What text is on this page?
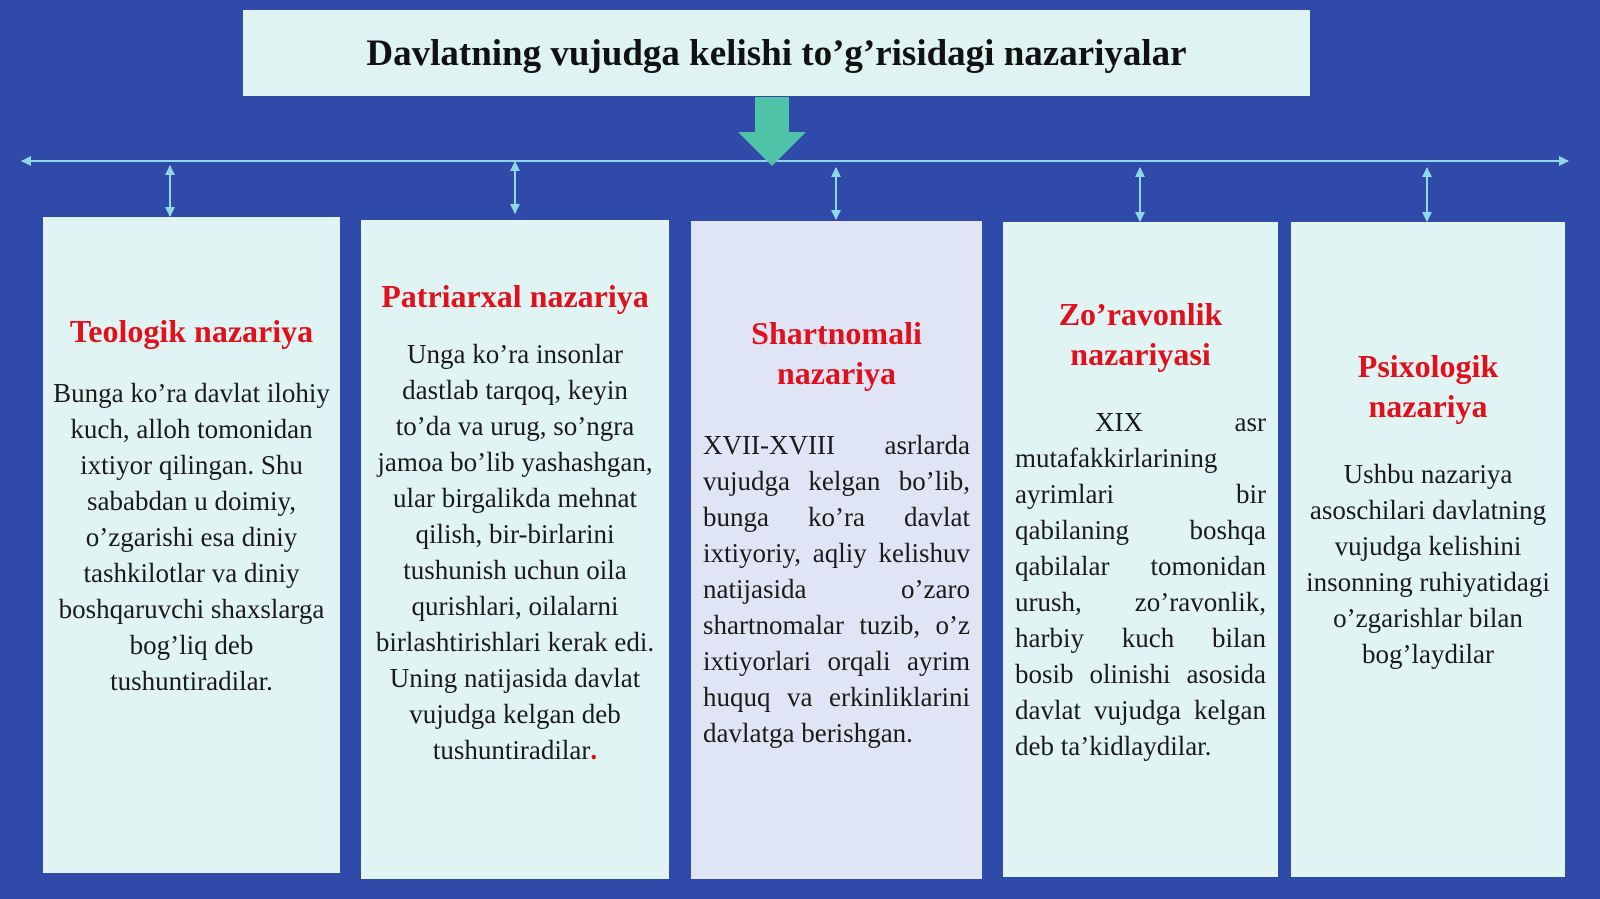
Davlatning vujudga kelishi to’g’risidagi nazariyalar
Teologik nazariya

Bunga ko’ra davlat ilohiy kuch, alloh tomonidan ixtiyor qilingan. Shu sababdan u doimiy, o’zgarishi esa diniy tashkilotlar va diniy boshqaruvchi shaxslarga bog’liq deb tushuntiradilar.

Patriarxal nazariya

Unga ko’ra insonlar dastlab tarqoq, keyin to’da va urug, so’ngra jamoa bo’lib yashashgan, ular birgalikda mehnat qilish, bir-birlarini tushunish uchun oila qurishlari, oilalarni birlashtirishlari kerak edi. Uning natijasida davlat vujudga kelgan deb tushuntiradilar.

Shartnomali nazariya

XVII-XVIII asrlarda vujudga kelgan bo’lib, bunga ko’ra davlat ixtiyoriy, aqliy kelishuv natijasida o’zaro shartnomalar tuzib, o’z ixtiyorlari orqali ayrim huquq va erkinliklarini davlatga berishgan.

Zo’ravonlik nazariyasi

XIX asr mutafakkirlarining ayrimlari bir qabilaning boshqa qabilalar tomonidan urush, zo’ravonlik, harbiy kuch bilan bosib olinishi asosida davlat vujudga kelgan deb ta’kidlaydilar.

Psixologik nazariya

Ushbu nazariya asoschilari davlatning vujudga kelishini insonning ruhiyatidagi o’zgarishlar bilan bog’laydilar
